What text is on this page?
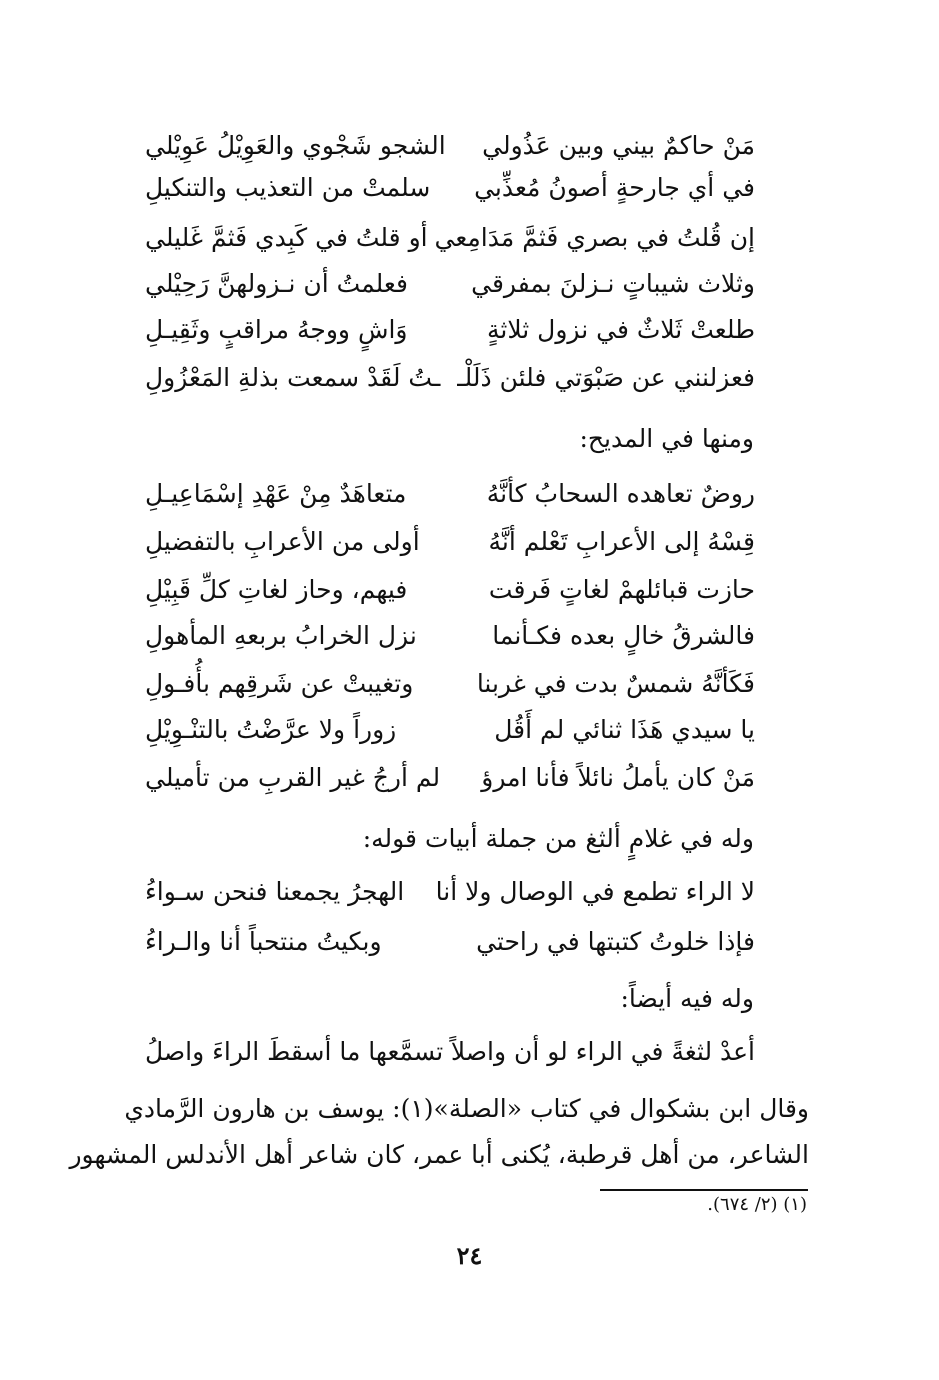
مَنْ حاكمٌ بيني وبين عَذُولي
الشجو شَجْوي والعَوِيْلُ عَوِيْلي
في أي جارحةٍ أصونُ مُعذِّبي
سلمتْ من التعذيب والتنكيلِ
إن قُلتُ في بصري فَثمَّ مَدَامِعي
أو قلتُ في كَبِدي فَثمَّ غَليلي
وثلاث شيباتٍ نـزلنَ بمفرقي
فعلمتُ أن نـزولهنَّ رَحِيْلي
طلعتْ ثَلاثٌ في نزول ثلاثةٍ
وَاشٍ ووجهُ مراقبٍ وثَقِيـلِ
فعزلنني عن صَبْوَتي فلئن ذَلَلْـ
ـتُ لَقَدْ سمعت بذلةِ المَعْزُولِ
ومنها في المديح:
روضٌ تعاهده السحابُ كأنَّهُ
متعاهَدٌ مِنْ عَهْدِ إسْمَاعِيـلِ
قِسْهُ إلى الأعرابِ تَعْلم أنَّهُ
أولى من الأعرابِ بالتفضيلِ
حازت قبائلهمْ لغاتٍ فَرقت
فيهم، وحاز لغاتِ كلِّ قَبِيْلِ
فالشرقُ خالٍ بعده فكـأنما
نزل الخرابُ بربعهِ المأهولِ
فَكَأنَّهُ شمسٌ بدت في غربنا
وتغيبتْ عن شَرقِهم بأُفـولِ
يا سيدي هَذَا ثنائي لم أَقُل
زوراً ولا عرَّضْتُ بالتنْـوِيْلِ
مَنْ كان يأملُ نائلاً فأنا امرؤ
لم أرجُ غير القربِ من تأميلي
وله في غلامٍ ألثغ من جملة أبيات قوله:
لا الراء تطمع في الوصال ولا أنا
الهجرُ يجمعنا فنحن سـواءُ
فإذا خلوتُ كتبتها في راحتي
وبكيتُ منتحباً أنا والـراءُ
وله فيه أيضاً:
أعدْ لثغةً في الراء لو أن واصلاً
تسمَّعها ما أسقطَ الراءَ واصلُ
وقال ابن بشكوال في كتاب «الصلة»(١): يوسف بن هارون الرَّمادي
الشاعر، من أهل قرطبة، يُكنى أبا عمر، كان شاعر أهل الأندلس المشهور
(١) (٢/ ٦٧٤).
٢٤
